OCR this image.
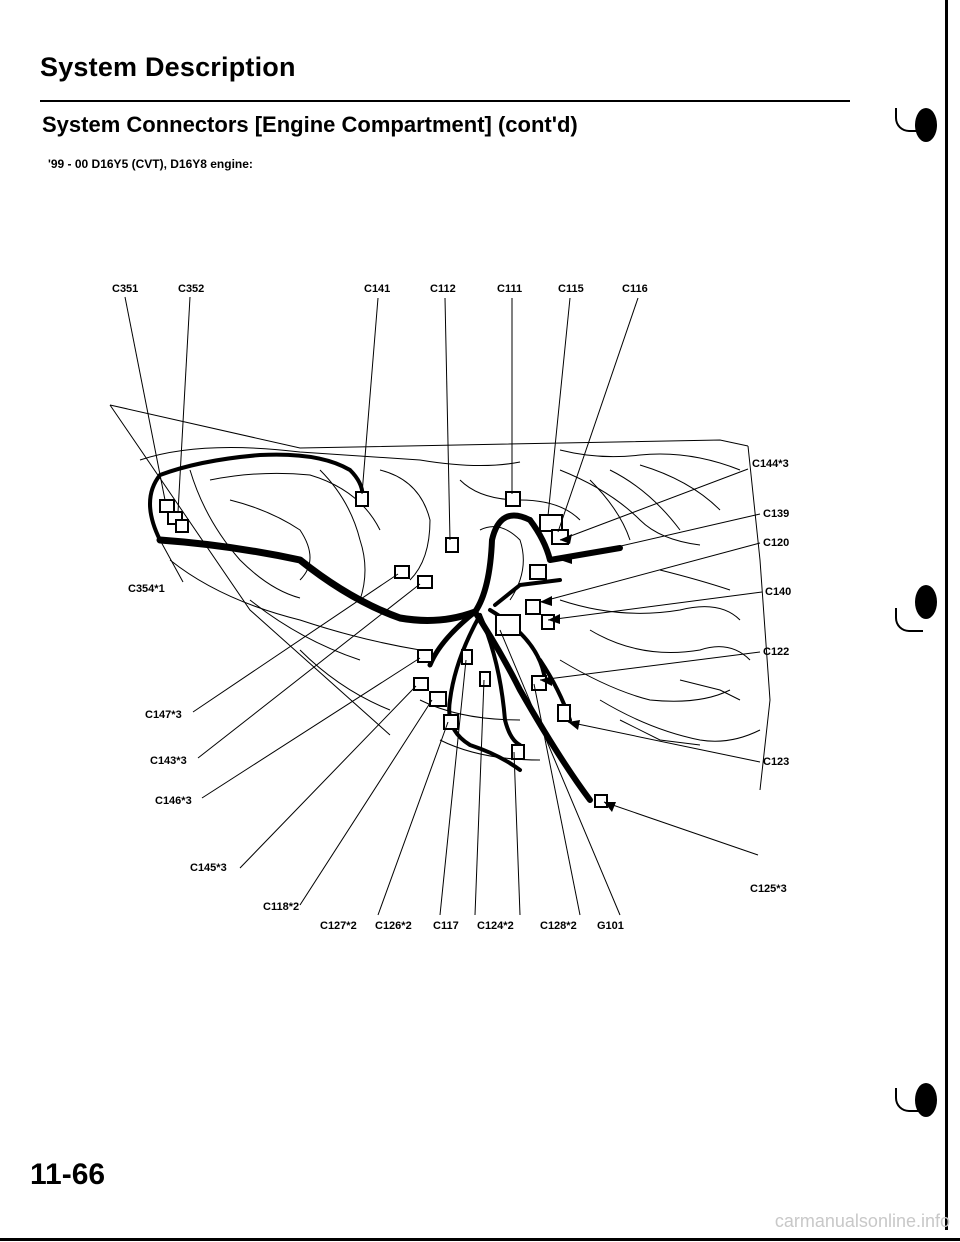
System Description
System Connectors [Engine Compartment] (cont'd)
'99 - 00 D16Y5 (CVT), D16Y8 engine:
C351	C352	C141	C112	C111	C115	C116
C144*3
C139
C120
C140
C122
C123
C354*1
C147*3
C143*3
C146*3
C145*3
C118*2
C127*2 C126*2 C117 C124*2 C128*2 G101
C125*3
11-66
carmanualsonline.info
